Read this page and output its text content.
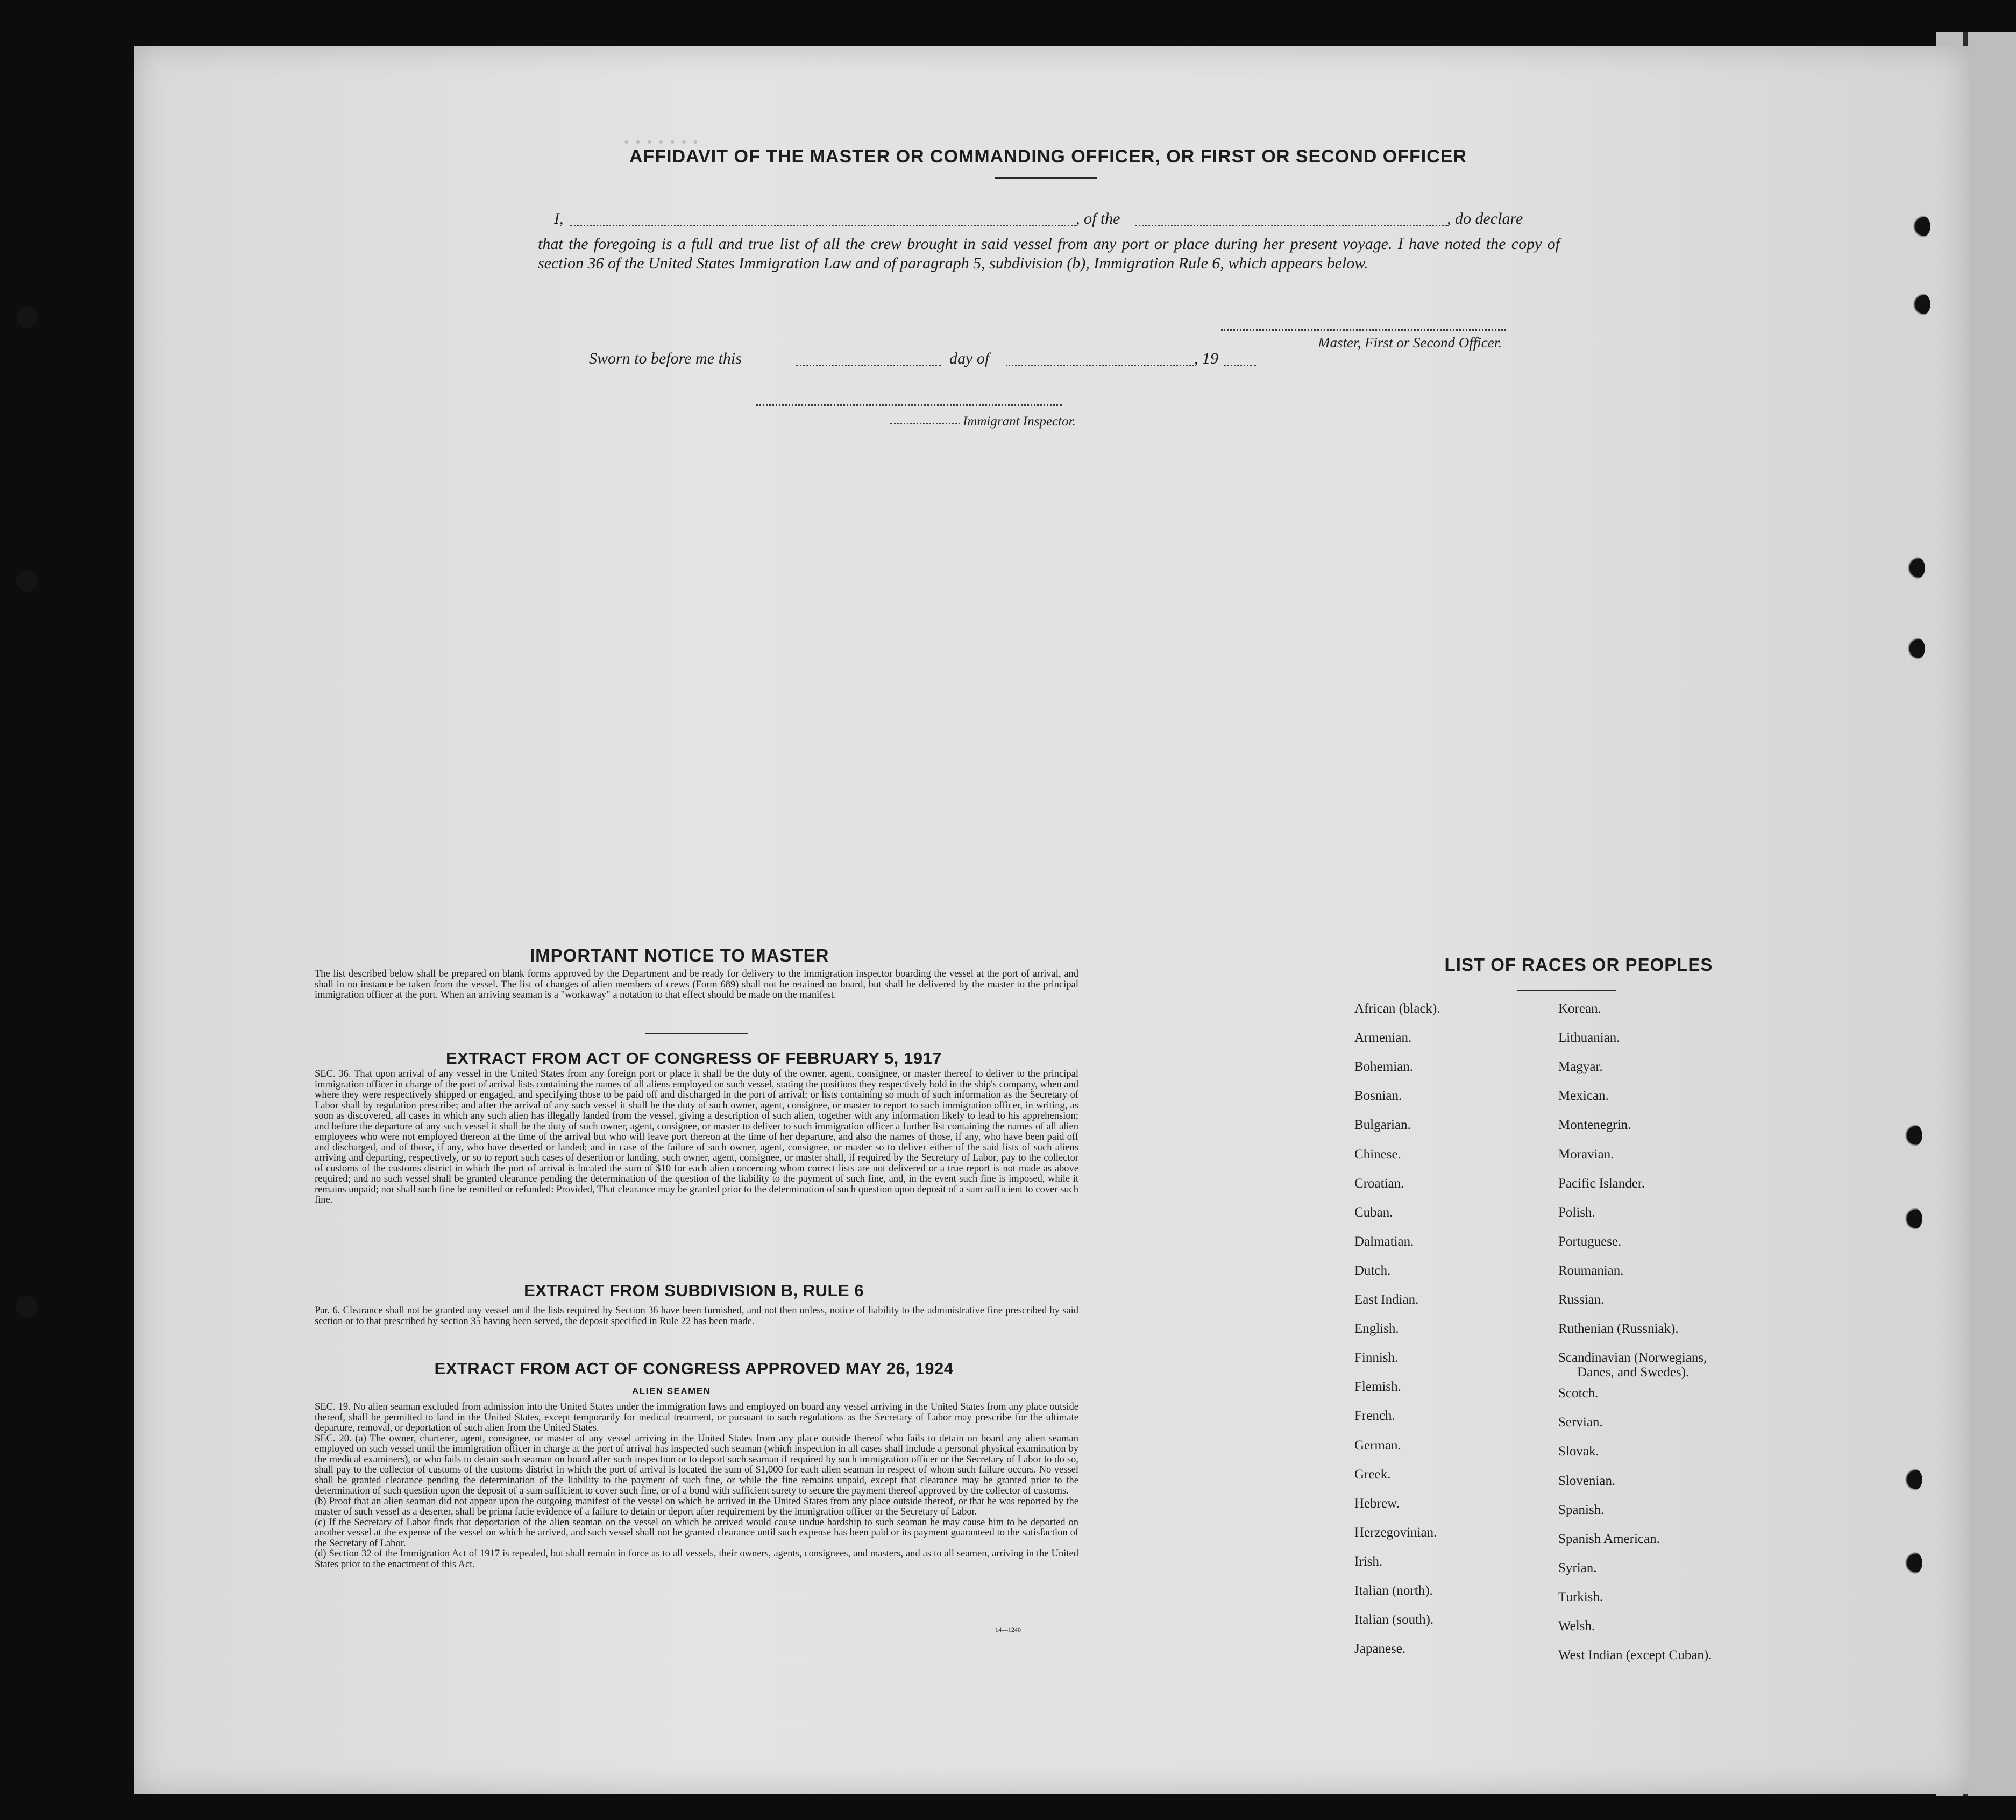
·······
AFFIDAVIT OF THE MASTER OR COMMANDING OFFICER, OR FIRST OR SECOND OFFICER
I,	, of the	, do declare
that the foregoing is a full and true list of all the crew brought in said vessel from any port or place during her present voyage. I have noted the copy of section 36 of the United States Immigration Law and of paragraph 5, subdivision (b), Immigration Rule 6, which appears below.
Master, First or Second Officer.
Sworn to before me this	day of	, 19
Immigrant Inspector.
IMPORTANT NOTICE TO MASTER
The list described below shall be prepared on blank forms approved by the Department and be ready for delivery to the immigration inspector boarding the vessel at the port of arrival, and shall in no instance be taken from the vessel. The list of changes of alien members of crews (Form 689) shall not be retained on board, but shall be delivered by the master to the principal immigration officer at the port. When an arriving seaman is a "workaway" a notation to that effect should be made on the manifest.
EXTRACT FROM ACT OF CONGRESS OF FEBRUARY 5, 1917
SEC. 36. That upon arrival of any vessel in the United States from any foreign port or place it shall be the duty of the owner, agent, consignee, or master thereof to deliver to the principal immigration officer in charge of the port of arrival lists containing the names of all aliens employed on such vessel, stating the positions they respectively hold in the ship's company, when and where they were respectively shipped or engaged, and specifying those to be paid off and discharged in the port of arrival; or lists containing so much of such information as the Secretary of Labor shall by regulation prescribe; and after the arrival of any such vessel it shall be the duty of such owner, agent, consignee, or master to report to such immigration officer, in writing, as soon as discovered, all cases in which any such alien has illegally landed from the vessel, giving a description of such alien, together with any information likely to lead to his apprehension; and before the departure of any such vessel it shall be the duty of such owner, agent, consignee, or master to deliver to such immigration officer a further list containing the names of all alien employees who were not employed thereon at the time of the arrival but who will leave port thereon at the time of her departure, and also the names of those, if any, who have been paid off and discharged, and of those, if any, who have deserted or landed; and in case of the failure of such owner, agent, consignee, or master so to deliver either of the said lists of such aliens arriving and departing, respectively, or so to report such cases of desertion or landing, such owner, agent, consignee, or master shall, if required by the Secretary of Labor, pay to the collector of customs of the customs district in which the port of arrival is located the sum of $10 for each alien concerning whom correct lists are not delivered or a true report is not made as above required; and no such vessel shall be granted clearance pending the determination of the question of the liability to the payment of such fine, and, in the event such fine is imposed, while it remains unpaid; nor shall such fine be remitted or refunded: Provided, That clearance may be granted prior to the determination of such question upon deposit of a sum sufficient to cover such fine.
EXTRACT FROM SUBDIVISION B, RULE 6
Par. 6. Clearance shall not be granted any vessel until the lists required by Section 36 have been furnished, and not then unless, notice of liability to the administrative fine prescribed by said section or to that prescribed by section 35 having been served, the deposit specified in Rule 22 has been made.
EXTRACT FROM ACT OF CONGRESS APPROVED MAY 26, 1924
ALIEN SEAMEN
SEC. 19. No alien seaman excluded from admission into the United States under the immigration laws and employed on board any vessel arriving in the United States from any place outside thereof, shall be permitted to land in the United States, except temporarily for medical treatment, or pursuant to such regulations as the Secretary of Labor may prescribe for the ultimate departure, removal, or deportation of such alien from the United States.
SEC. 20. (a) The owner, charterer, agent, consignee, or master of any vessel arriving in the United States from any place outside thereof who fails to detain on board any alien seaman employed on such vessel until the immigration officer in charge at the port of arrival has inspected such seaman (which inspection in all cases shall include a personal physical examination by the medical examiners), or who fails to detain such seaman on board after such inspection or to deport such seaman if required by such immigration officer or the Secretary of Labor to do so, shall pay to the collector of customs of the customs district in which the port of arrival is located the sum of $1,000 for each alien seaman in respect of whom such failure occurs. No vessel shall be granted clearance pending the determination of the liability to the payment of such fine, or while the fine remains unpaid, except that clearance may be granted prior to the determination of such question upon the deposit of a sum sufficient to cover such fine, or of a bond with sufficient surety to secure the payment thereof approved by the collector of customs.
(b) Proof that an alien seaman did not appear upon the outgoing manifest of the vessel on which he arrived in the United States from any place outside thereof, or that he was reported by the master of such vessel as a deserter, shall be prima facie evidence of a failure to detain or deport after requirement by the immigration officer or the Secretary of Labor.
(c) If the Secretary of Labor finds that deportation of the alien seaman on the vessel on which he arrived would cause undue hardship to such seaman he may cause him to be deported on another vessel at the expense of the vessel on which he arrived, and such vessel shall not be granted clearance until such expense has been paid or its payment guaranteed to the satisfaction of the Secretary of Labor.
(d) Section 32 of the Immigration Act of 1917 is repealed, but shall remain in force as to all vessels, their owners, agents, consignees, and masters, and as to all seamen, arriving in the United States prior to the enactment of this Act.
14—1240
LIST OF RACES OR PEOPLES
African (black).
Armenian.
Bohemian.
Bosnian.
Bulgarian.
Chinese.
Croatian.
Cuban.
Dalmatian.
Dutch.
East Indian.
English.
Finnish.
Flemish.
French.
German.
Greek.
Hebrew.
Herzegovinian.
Irish.
Italian (north).
Italian (south).
Japanese.
Korean.
Lithuanian.
Magyar.
Mexican.
Montenegrin.
Moravian.
Pacific Islander.
Polish.
Portuguese.
Roumanian.
Russian.
Ruthenian (Russniak).
Scandinavian (Norwegians,
Danes, and Swedes).
Scotch.
Servian.
Slovak.
Slovenian.
Spanish.
Spanish American.
Syrian.
Turkish.
Welsh.
West Indian (except Cuban).
